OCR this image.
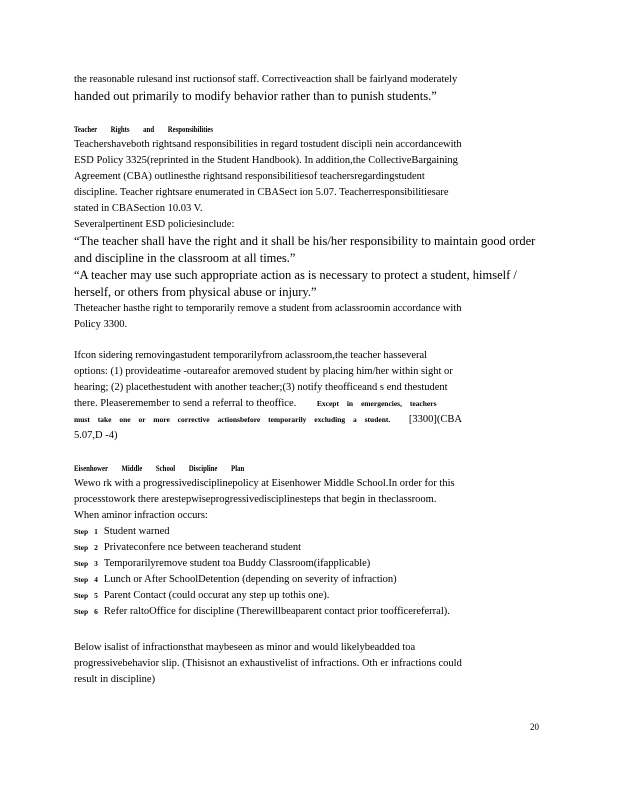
the reasonable rulesand inst ructionsof staff. Correctiveaction shall be fairlyand moderately
handed out primarily to modify behavior rather than to punish students.”
Teacher Rights and Responsibilities
Teachershaveboth rightsand responsibilities in regard tostudent discipli nein accordancewith
ESD Policy 3325(reprinted in the Student Handbook). In addition,the CollectiveBargaining
Agreement (CBA) outlinesthe rightsand responsibilitiesof teachersregardingstudent
discipline. Teacher rightsare enumerated in CBASect ion 5.07. Teacherresponsibilitiesare
stated in CBASection 10.03 V.
Severalpertinent ESD policiesinclude:
“The teacher shall have the right and it shall be his/her responsibility to maintain good order
and discipline in the classroom at all times.”
“A teacher may use such appropriate action as is necessary to protect a student, himself /
herself, or others from physical abuse or injury.”
Theteacher hasthe right to temporarily remove a student from aclassroomin accordance with
Policy 3300.
Ifcon sidering removingastudent temporarilyfrom aclassroom,the teacher hasseveral
options: (1) provideatime -outareafor aremoved student by placing him/her within sight or
hearing; (2) placethestudent with another teacher;(3) notify theofficeand s end thestudent
there. Pleaseremember to send a referral to theoffice.	Except in emergencies, teachers
must take one or more corrective actionsbefore temporarily excluding a student. [3300](CBA
5.07,D -4)
Eisenhower Middle School Discipline Plan
Wewo rk with a progressivedisciplinepolicy at Eisenhower Middle School.In order for this
processtowork there arestepwiseprogressivedisciplinesteps that begin in theclassroom.
When aminor infraction occurs:
Step 1 Student warned
Step 2 Privateconfere nce between teacherand student
Step 3 Temporarilyremove student toa Buddy Classroom(ifapplicable)
Step 4 Lunch or After SchoolDetention (depending on severity of infraction)
Step 5 Parent Contact (could occurat any step up tothis one).
Step 6 Refer raltoOffice for discipline (Therewillbeaparent contact prior toofficereferral).
Below isalist of infractionsthat maybeseen as minor and would likelybeadded toa
progressivebehavior slip. (Thisisnot an exhaustivelist of infractions. Oth er infractions could
result in discipline)
20
